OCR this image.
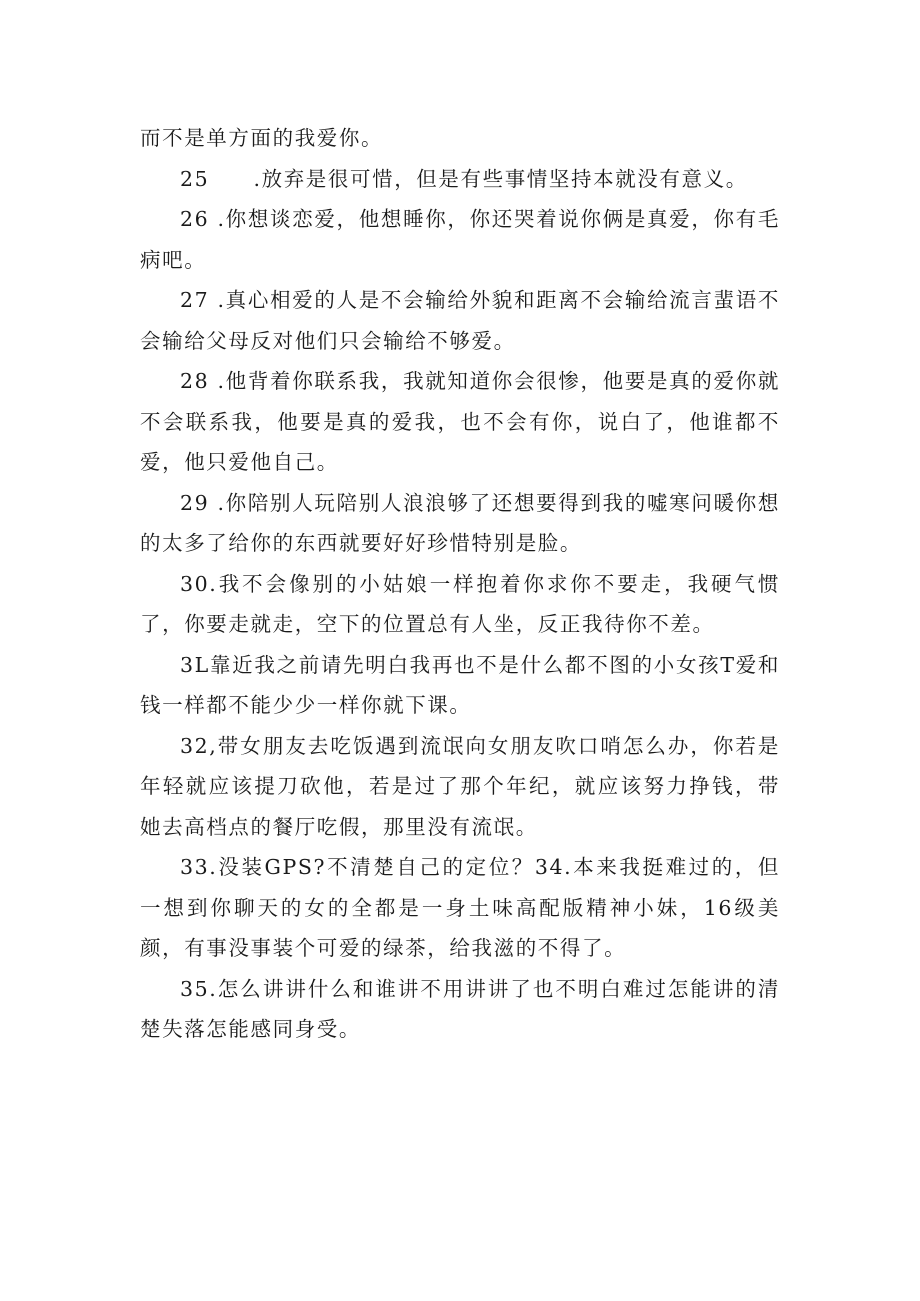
而不是单方面的我爱你。

25　　.放弃是很可惜，但是有些事情坚持本就没有意义。

26 .你想谈恋爱，他想睡你，你还哭着说你俩是真爱，你有毛病吧。

27 .真心相爱的人是不会输给外貌和距离不会输给流言蜚语不会输给父母反对他们只会输给不够爱。

28 .他背着你联系我，我就知道你会很惨，他要是真的爱你就不会联系我，他要是真的爱我，也不会有你，说白了，他谁都不爱，他只爱他自己。

29 .你陪别人玩陪别人浪浪够了还想要得到我的嘘寒问暖你想的太多了给你的东西就要好好珍惜特别是脸。

30.我不会像别的小姑娘一样抱着你求你不要走，我硬气惯了，你要走就走，空下的位置总有人坐，反正我待你不差。

3L靠近我之前请先明白我再也不是什么都不图的小女孩T爱和钱一样都不能少少一样你就下课。

32,带女朋友去吃饭遇到流氓向女朋友吹口哨怎么办，你若是年轻就应该提刀砍他，若是过了那个年纪，就应该努力挣钱，带她去高档点的餐厅吃假，那里没有流氓。

33.没装GPS?不清楚自己的定位？34.本来我挺难过的，但一想到你聊天的女的全都是一身土味高配版精神小妹，16级美颜，有事没事装个可爱的绿茶，给我滋的不得了。

35.怎么讲讲什么和谁讲不用讲讲了也不明白难过怎能讲的清楚失落怎能感同身受。
